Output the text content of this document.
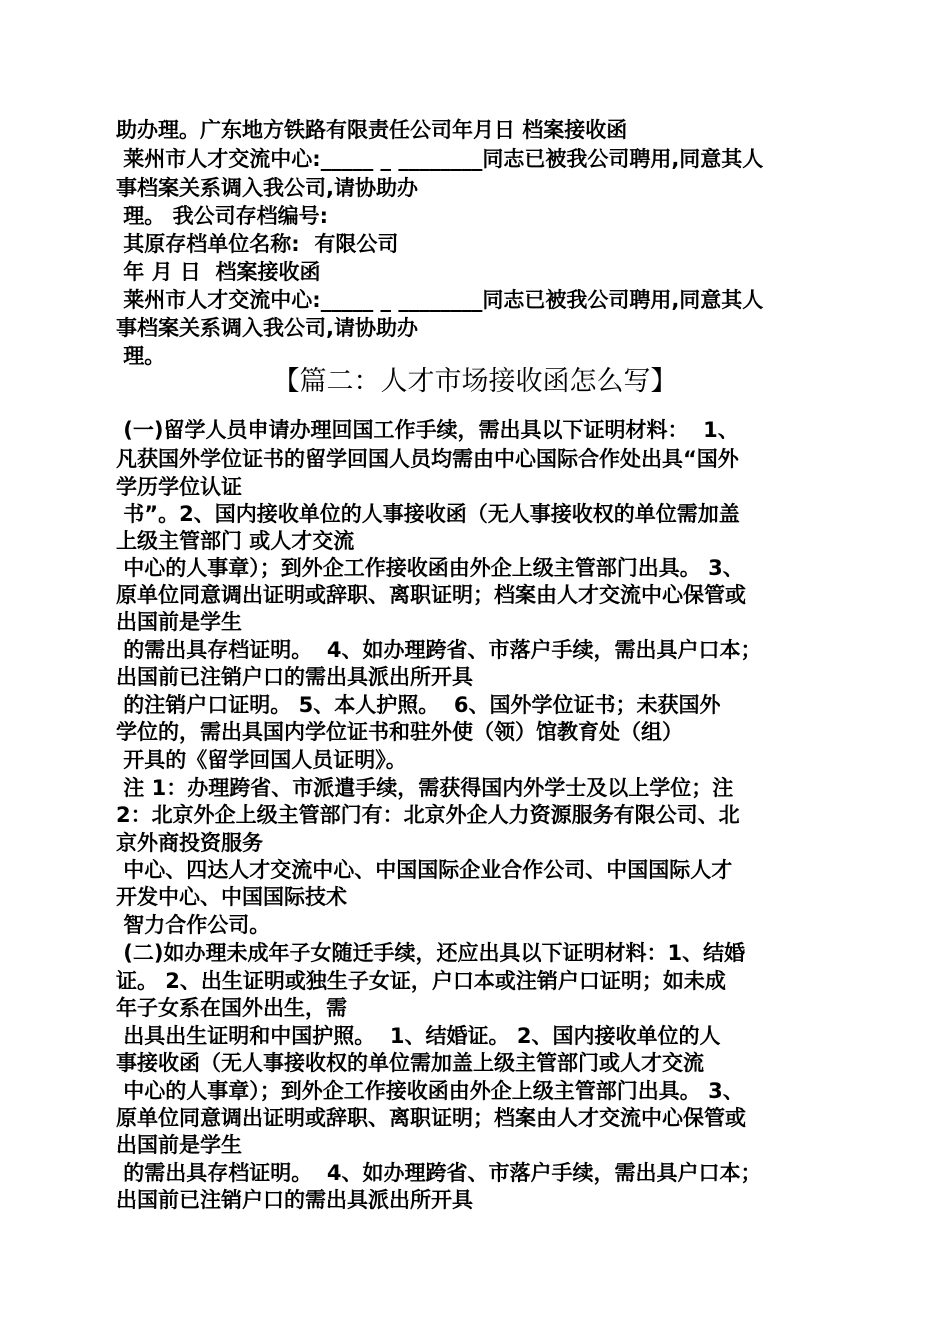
助办理。广东地方铁路有限责任公司年月日 档案接收函
莱州市人才交流中心:_____ _ ________同志已被我公司聘用,同意其人
事档案关系调入我公司,请协助办
理。 我公司存档编号:
其原存档单位名称:  有限公司
年 月 日  档案接收函
莱州市人才交流中心:_____ _ ________同志已被我公司聘用,同意其人
事档案关系调入我公司,请协助办
理。
【篇二：人才市场接收函怎么写】
(一)留学人员申请办理回国工作手续，需出具以下证明材料：  1、
凡获国外学位证书的留学回国人员均需由中心国际合作处出具“国外
学历学位认证
书”。2、国内接收单位的人事接收函（无人事接收权的单位需加盖
上级主管部门 或人才交流
中心的人事章）；到外企工作接收函由外企上级主管部门出具。 3、
原单位同意调出证明或辞职、离职证明；档案由人才交流中心保管或
出国前是学生
的需出具存档证明。  4、如办理跨省、市落户手续，需出具户口本；
出国前已注销户口的需出具派出所开具
的注销户口证明。 5、本人护照。  6、国外学位证书；未获国外
学位的，需出具国内学位证书和驻外使（领）馆教育处（组）
开具的《留学回国人员证明》。
注 1：办理跨省、市派遣手续，需获得国内外学士及以上学位；注
2：北京外企上级主管部门有：北京外企人力资源服务有限公司、北
京外商投资服务
中心、四达人才交流中心、中国国际企业合作公司、中国国际人才
开发中心、中国国际技术
智力合作公司。
(二)如办理未成年子女随迁手续，还应出具以下证明材料：1、结婚
证。 2、出生证明或独生子女证，户口本或注销户口证明；如未成
年子女系在国外出生，需
出具出生证明和中国护照。  1、结婚证。 2、国内接收单位的人
事接收函（无人事接收权的单位需加盖上级主管部门或人才交流
中心的人事章）；到外企工作接收函由外企上级主管部门出具。 3、
原单位同意调出证明或辞职、离职证明；档案由人才交流中心保管或
出国前是学生
的需出具存档证明。  4、如办理跨省、市落户手续，需出具户口本；
出国前已注销户口的需出具派出所开具
